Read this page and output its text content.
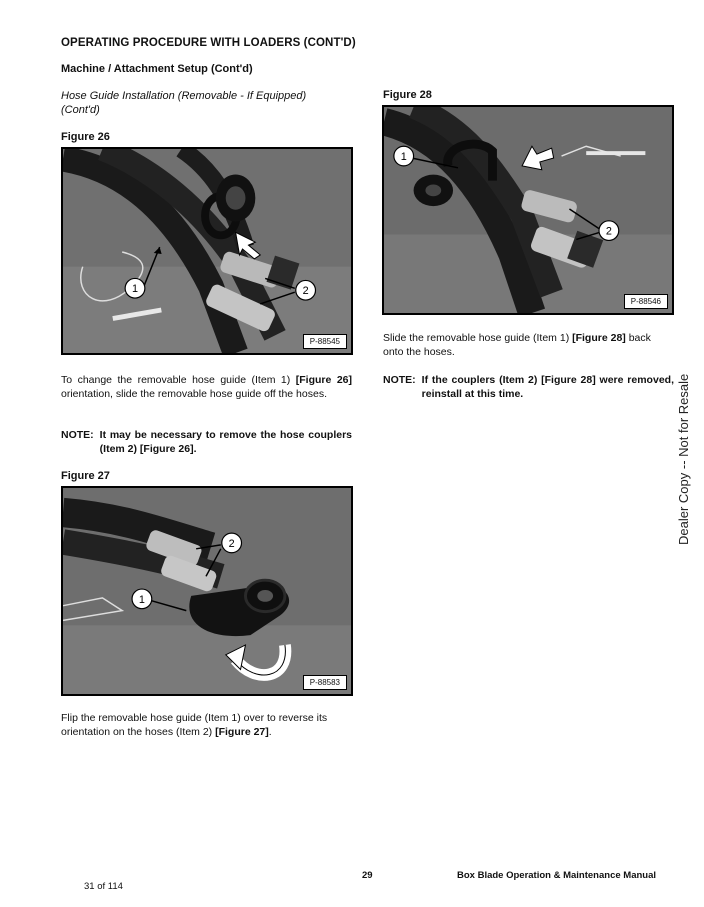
OPERATING PROCEDURE WITH LOADERS (CONT'D)
Machine / Attachment Setup (Cont'd)
Hose Guide Installation (Removable - If Equipped)
(Cont'd)
Figure 26
1	2
P-88545
To change the removable hose guide (Item 1) [Figure 26] orientation, slide the removable hose guide off the hoses.
NOTE: It may be necessary to remove the hose couplers (Item 2) [Figure 26].
Figure 27
2
1
P-88583
Flip the removable hose guide (Item 1) over to reverse its orientation on the hoses (Item 2) [Figure 27].
Figure 28
1
2
P-88546
Slide the removable hose guide (Item 1) [Figure 28] back onto the hoses.
NOTE: If the couplers (Item 2) [Figure 28] were removed, reinstall at this time.	Dealer Copy -- Not for Resale
29	Box Blade Operation & Maintenance Manual
31 of 114
